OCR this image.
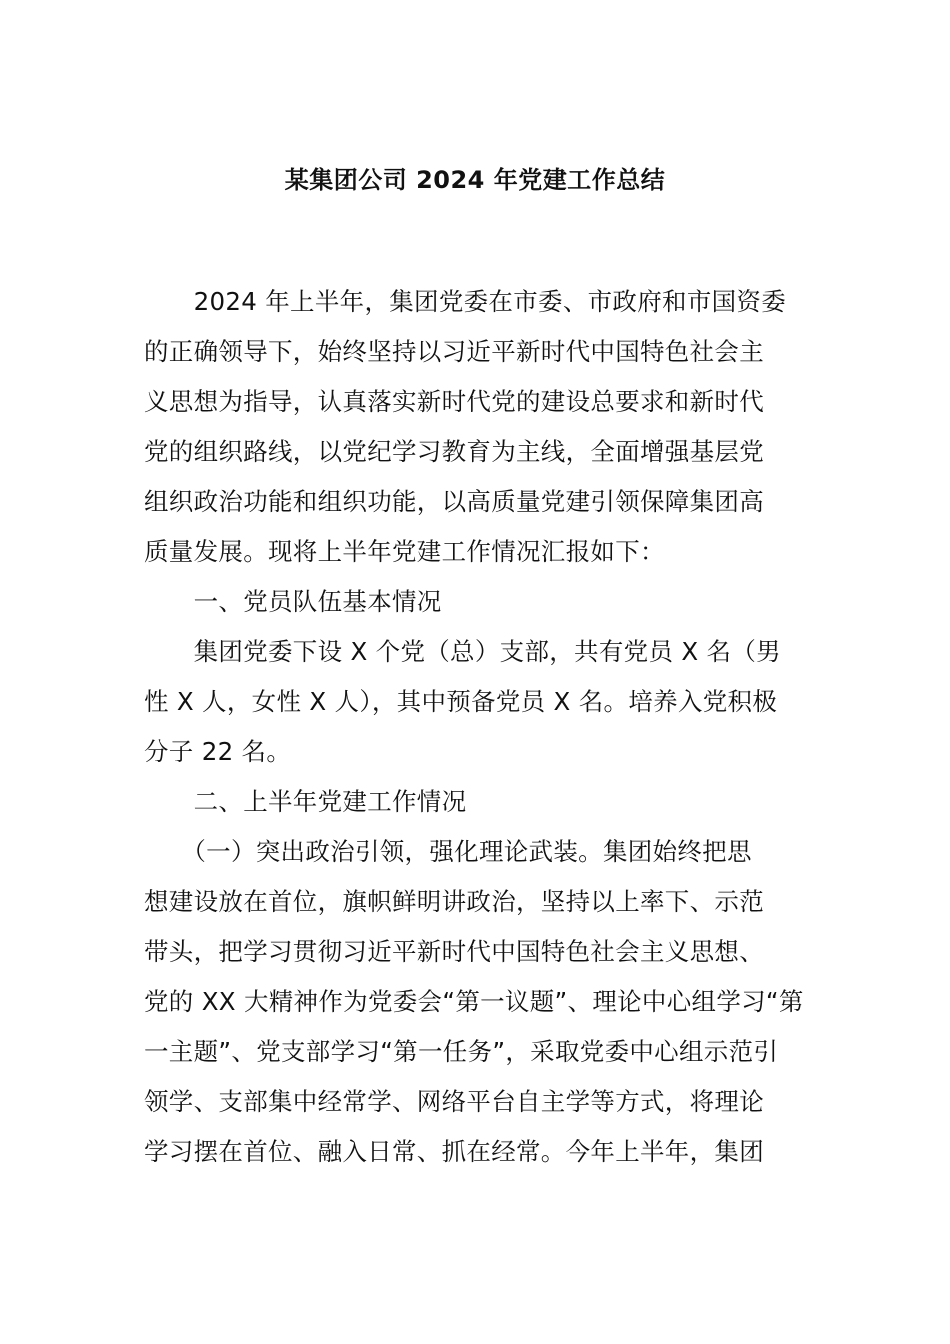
某集团公司 2024 年党建工作总结
　　2024 年上半年，集团党委在市委、市政府和市国资委
的正确领导下，始终坚持以习近平新时代中国特色社会主
义思想为指导，认真落实新时代党的建设总要求和新时代
党的组织路线，以党纪学习教育为主线，全面增强基层党
组织政治功能和组织功能，以高质量党建引领保障集团高
质量发展。现将上半年党建工作情况汇报如下：
　　一、党员队伍基本情况
　　集团党委下设 X 个党（总）支部，共有党员 X 名（男
性 X 人，女性 X 人），其中预备党员 X 名。培养入党积极
分子 22 名。
　　二、上半年党建工作情况
　　（一）突出政治引领，强化理论武装。集团始终把思
想建设放在首位，旗帜鲜明讲政治，坚持以上率下、示范
带头，把学习贯彻习近平新时代中国特色社会主义思想、
党的 XX 大精神作为党委会“第一议题”、理论中心组学习“第
一主题”、党支部学习“第一任务”，采取党委中心组示范引
领学、支部集中经常学、网络平台自主学等方式，将理论
学习摆在首位、融入日常、抓在经常。今年上半年，集团
